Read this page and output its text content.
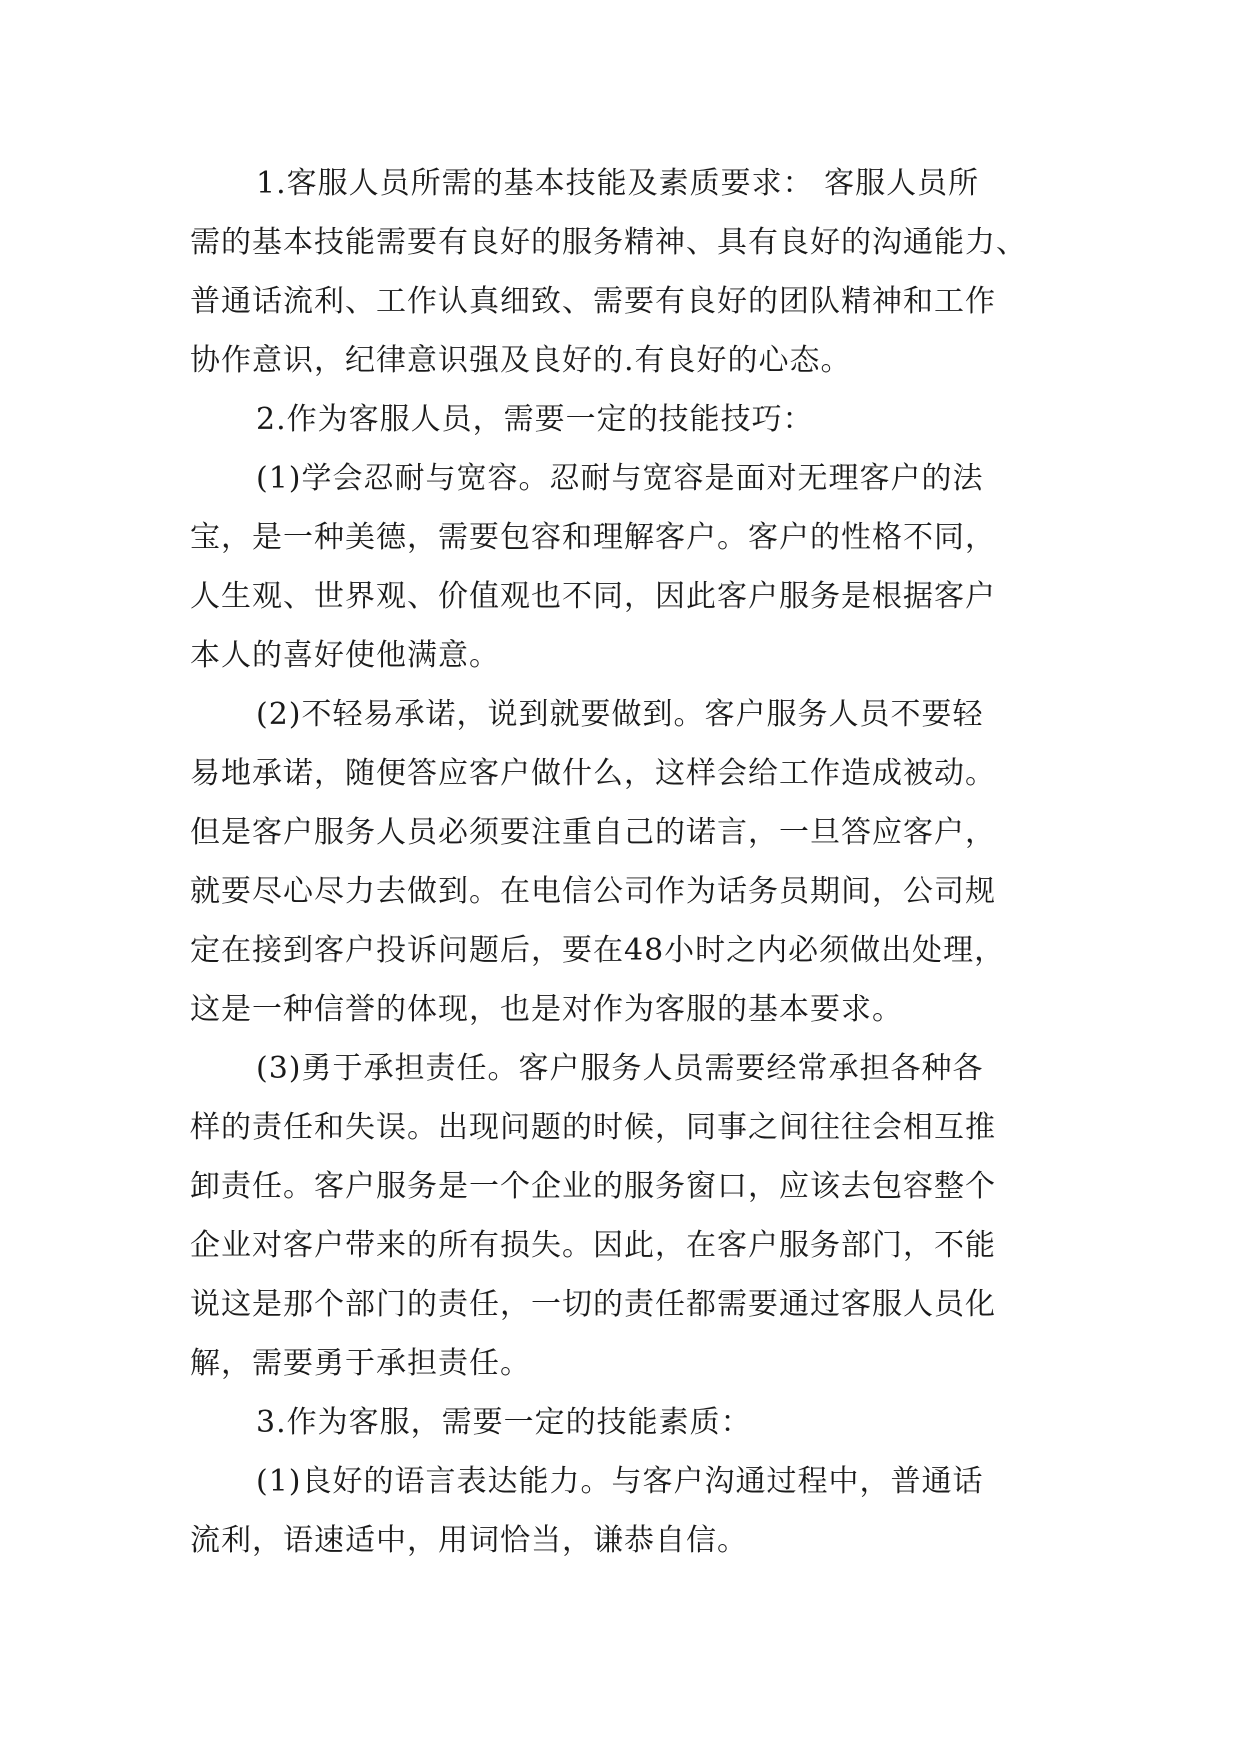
1.客服人员所需的基本技能及素质要求： 客服人员所
需的基本技能需要有良好的服务精神、具有良好的沟通能力、
普通话流利、工作认真细致、需要有良好的团队精神和工作
协作意识，纪律意识强及良好的.有良好的心态。
2.作为客服人员，需要一定的技能技巧：
(1)学会忍耐与宽容。忍耐与宽容是面对无理客户的法
宝，是一种美德，需要包容和理解客户。客户的性格不同，
人生观、世界观、价值观也不同，因此客户服务是根据客户
本人的喜好使他满意。
(2)不轻易承诺，说到就要做到。客户服务人员不要轻
易地承诺，随便答应客户做什么，这样会给工作造成被动。
但是客户服务人员必须要注重自己的诺言，一旦答应客户，
就要尽心尽力去做到。在电信公司作为话务员期间，公司规
定在接到客户投诉问题后，要在48小时之内必须做出处理，
这是一种信誉的体现，也是对作为客服的基本要求。
(3)勇于承担责任。客户服务人员需要经常承担各种各
样的责任和失误。出现问题的时候，同事之间往往会相互推
卸责任。客户服务是一个企业的服务窗口，应该去包容整个
企业对客户带来的所有损失。因此，在客户服务部门，不能
说这是那个部门的责任，一切的责任都需要通过客服人员化
解，需要勇于承担责任。
3.作为客服，需要一定的技能素质：
(1)良好的语言表达能力。与客户沟通过程中，普通话
流利，语速适中，用词恰当，谦恭自信。
